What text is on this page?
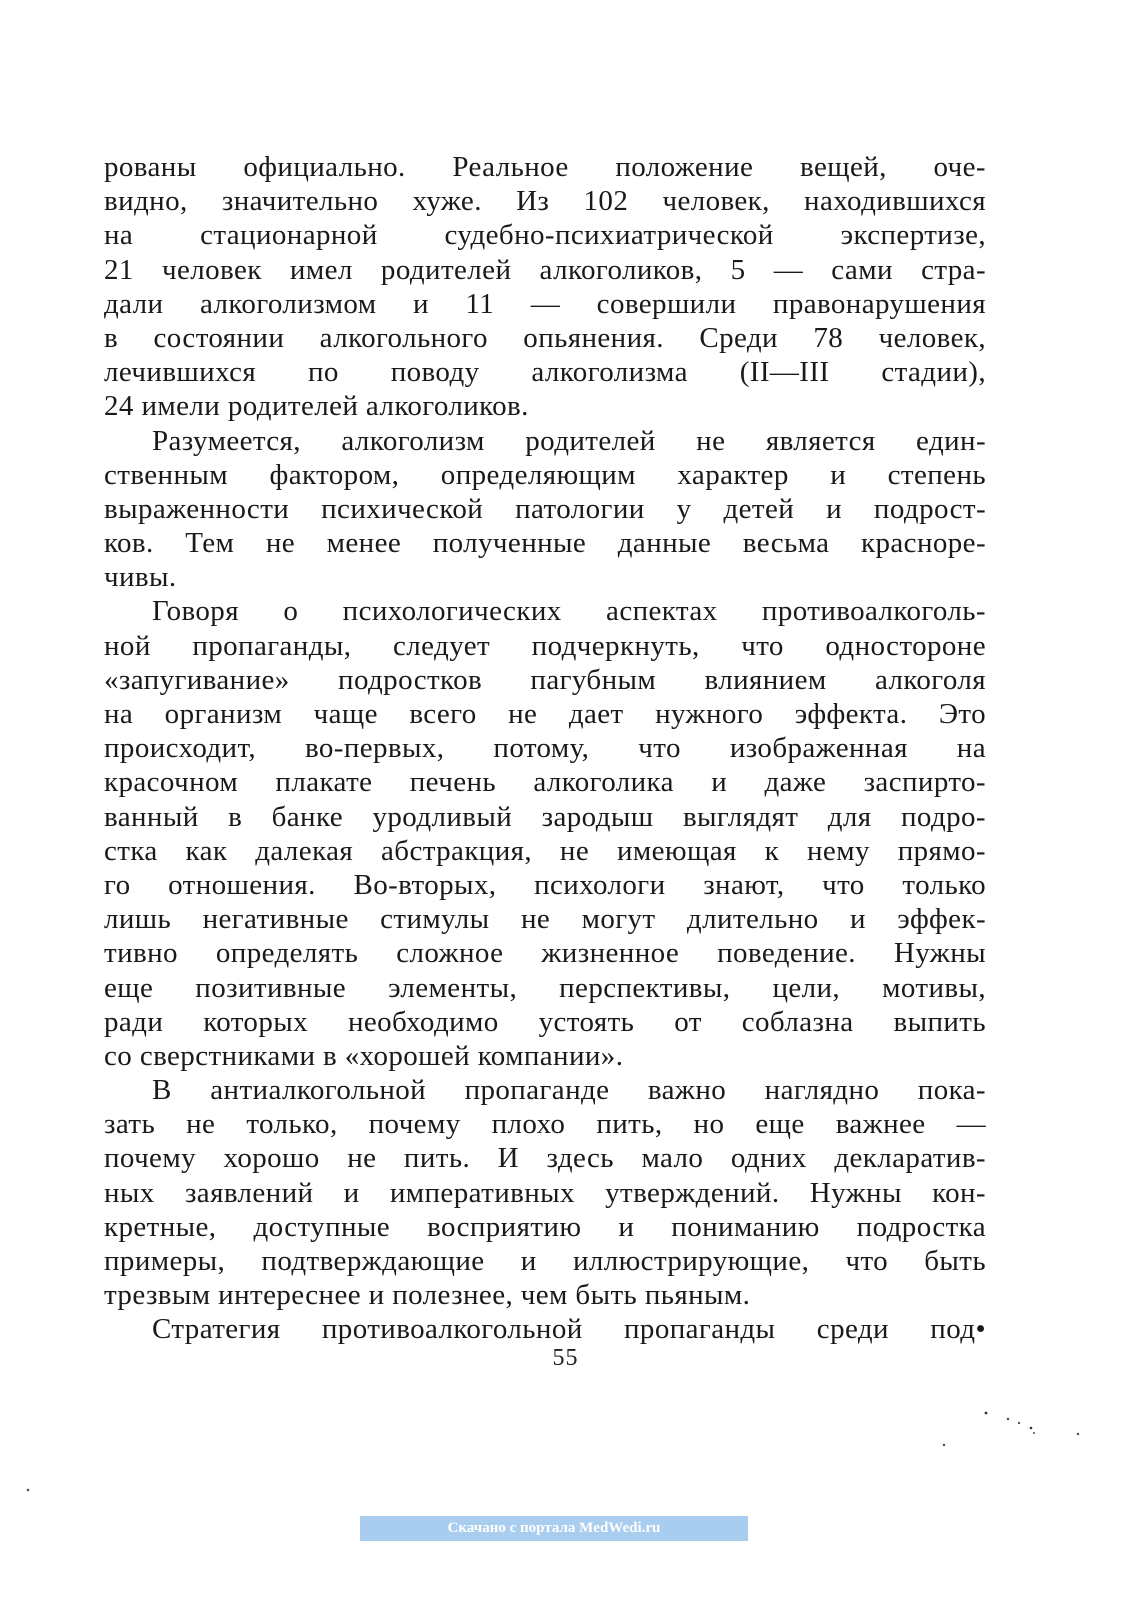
рованы официально. Реальное положение вещей, оче-
видно, значительно хуже. Из 102 человек, находившихся
на стационарной судебно-психиатрической экспертизе,
21 человек имел родителей алкоголиков, 5 — сами стра-
дали алкоголизмом и 11 — совершили правонарушения
в состоянии алкогольного опьянения. Среди 78 человек,
лечившихся по поводу алкоголизма (II—III стадии),
24 имели родителей алкоголиков.
Разумеется, алкоголизм родителей не является един-
ственным фактором, определяющим характер и степень
выраженности психической патологии у детей и подрост-
ков. Тем не менее полученные данные весьма красноре-
чивы.
Говоря о психологических аспектах противоалкоголь-
ной пропаганды, следует подчеркнуть, что одностороне
«запугивание» подростков пагубным влиянием алкоголя
на организм чаще всего не дает нужного эффекта. Это
происходит, во-первых, потому, что изображенная на
красочном плакате печень алкоголика и даже заспирто-
ванный в банке уродливый зародыш выглядят для подро-
стка как далекая абстракция, не имеющая к нему прямо-
го отношения. Во-вторых, психологи знают, что только
лишь негативные стимулы не могут длительно и эффек-
тивно определять сложное жизненное поведение. Нужны
еще позитивные элементы, перспективы, цели, мотивы,
ради которых необходимо устоять от соблазна выпить
со сверстниками в «хорошей компании».
В антиалкогольной пропаганде важно наглядно пока-
зать не только, почему плохо пить, но еще важнее —
почему хорошо не пить. И здесь мало одних декларатив-
ных заявлений и императивных утверждений. Нужны кон-
кретные, доступные восприятию и пониманию подростка
примеры, подтверждающие и иллюстрирующие, что быть
трезвым интереснее и полезнее, чем быть пьяным.
Стратегия противоалкогольной пропаганды среди под•
55
Скачано с портала MedWedi.ru
